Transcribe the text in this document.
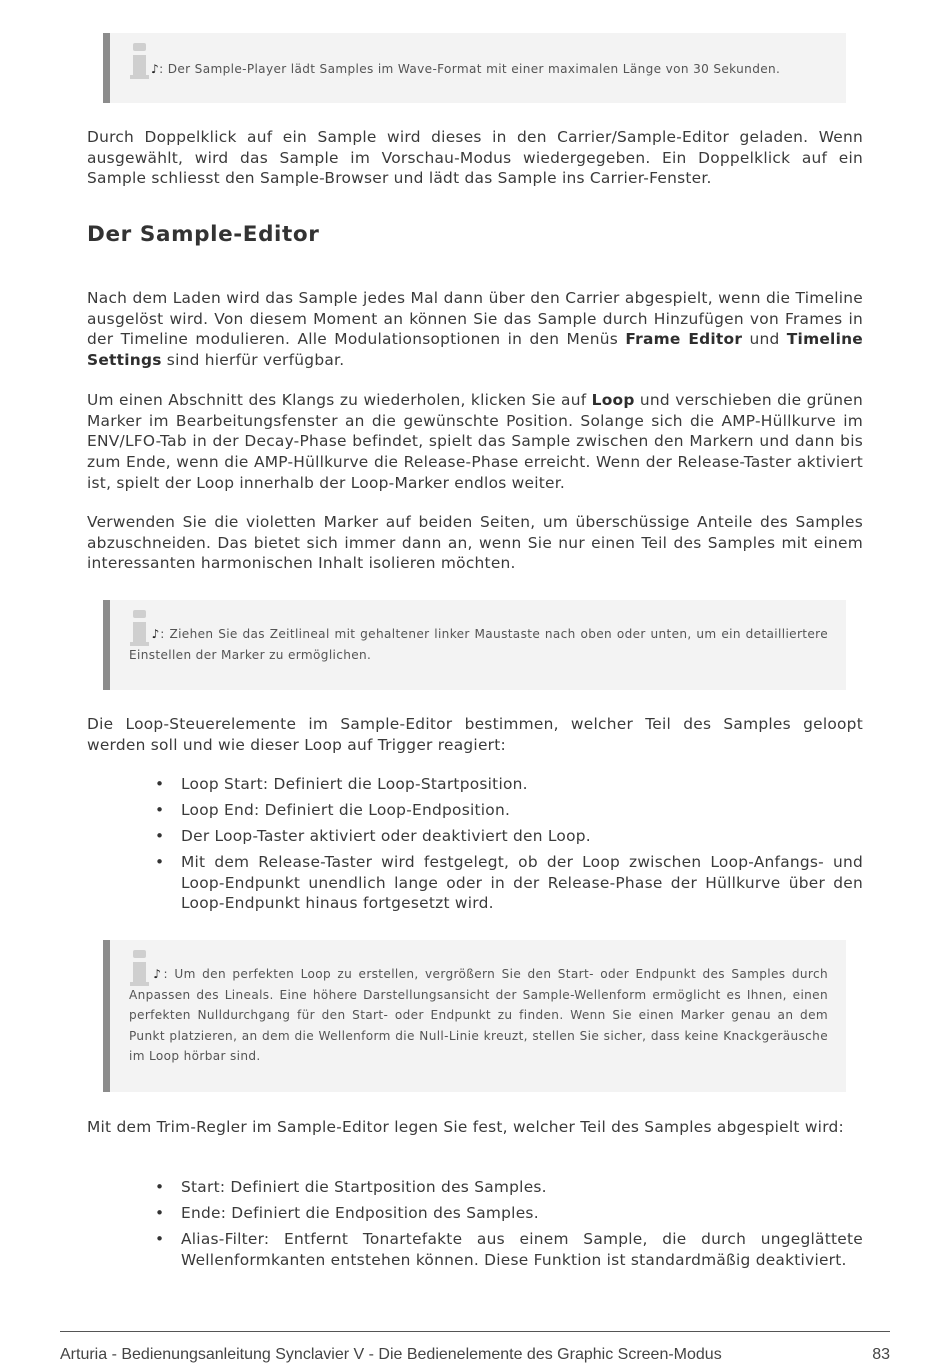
♪: Der Sample-Player lädt Samples im Wave-Format mit einer maximalen Länge von 30 Sekunden.

Durch Doppelklick auf ein Sample wird dieses in den Carrier/Sample-Editor geladen. Wenn ausgewählt, wird das Sample im Vorschau-Modus wiedergegeben. Ein Doppelklick auf ein Sample schliesst den Sample-Browser und lädt das Sample ins Carrier-Fenster.

Der Sample-Editor

Nach dem Laden wird das Sample jedes Mal dann über den Carrier abgespielt, wenn die Timeline ausgelöst wird. Von diesem Moment an können Sie das Sample durch Hinzufügen von Frames in der Timeline modulieren. Alle Modulationsoptionen in den Menüs Frame Editor und Timeline Settings sind hierfür verfügbar.

Um einen Abschnitt des Klangs zu wiederholen, klicken Sie auf Loop und verschieben die grünen Marker im Bearbeitungsfenster an die gewünschte Position. Solange sich die AMP-Hüllkurve im ENV/LFO-Tab in der Decay-Phase befindet, spielt das Sample zwischen den Markern und dann bis zum Ende, wenn die AMP-Hüllkurve die Release-Phase erreicht. Wenn der Release-Taster aktiviert ist, spielt der Loop innerhalb der Loop-Marker endlos weiter.

Verwenden Sie die violetten Marker auf beiden Seiten, um überschüssige Anteile des Samples abzuschneiden. Das bietet sich immer dann an, wenn Sie nur einen Teil des Samples mit einem interessanten harmonischen Inhalt isolieren möchten.

♪: Ziehen Sie das Zeitlineal mit gehaltener linker Maustaste nach oben oder unten, um ein detailliertere Einstellen der Marker zu ermöglichen.

Die Loop-Steuerelemente im Sample-Editor bestimmen, welcher Teil des Samples geloopt werden soll und wie dieser Loop auf Trigger reagiert:

• Loop Start: Definiert die Loop-Startposition.
• Loop End: Definiert die Loop-Endposition.
• Der Loop-Taster aktiviert oder deaktiviert den Loop.
• Mit dem Release-Taster wird festgelegt, ob der Loop zwischen Loop-Anfangs- und Loop-Endpunkt unendlich lange oder in der Release-Phase der Hüllkurve über den Loop-Endpunkt hinaus fortgesetzt wird.
♪: Um den perfekten Loop zu erstellen, vergrößern Sie den Start- oder Endpunkt des Samples durch Anpassen des Lineals. Eine höhere Darstellungsansicht der Sample-Wellenform ermöglicht es Ihnen, einen perfekten Nulldurchgang für den Start- oder Endpunkt zu finden. Wenn Sie einen Marker genau an dem Punkt platzieren, an dem die Wellenform die Null-Linie kreuzt, stellen Sie sicher, dass keine Knackgeräusche im Loop hörbar sind.

Mit dem Trim-Regler im Sample-Editor legen Sie fest, welcher Teil des Samples abgespielt wird:

• Start: Definiert die Startposition des Samples.
• Ende: Definiert die Endposition des Samples.
• Alias-Filter: Entfernt Tonartefakte aus einem Sample, die durch ungeglättete Wellenformkanten entstehen können. Diese Funktion ist standardmäßig deaktiviert.
Arturia - Bedienungsanleitung Synclavier V - Die Bedienelemente des Graphic Screen-Modus	83
